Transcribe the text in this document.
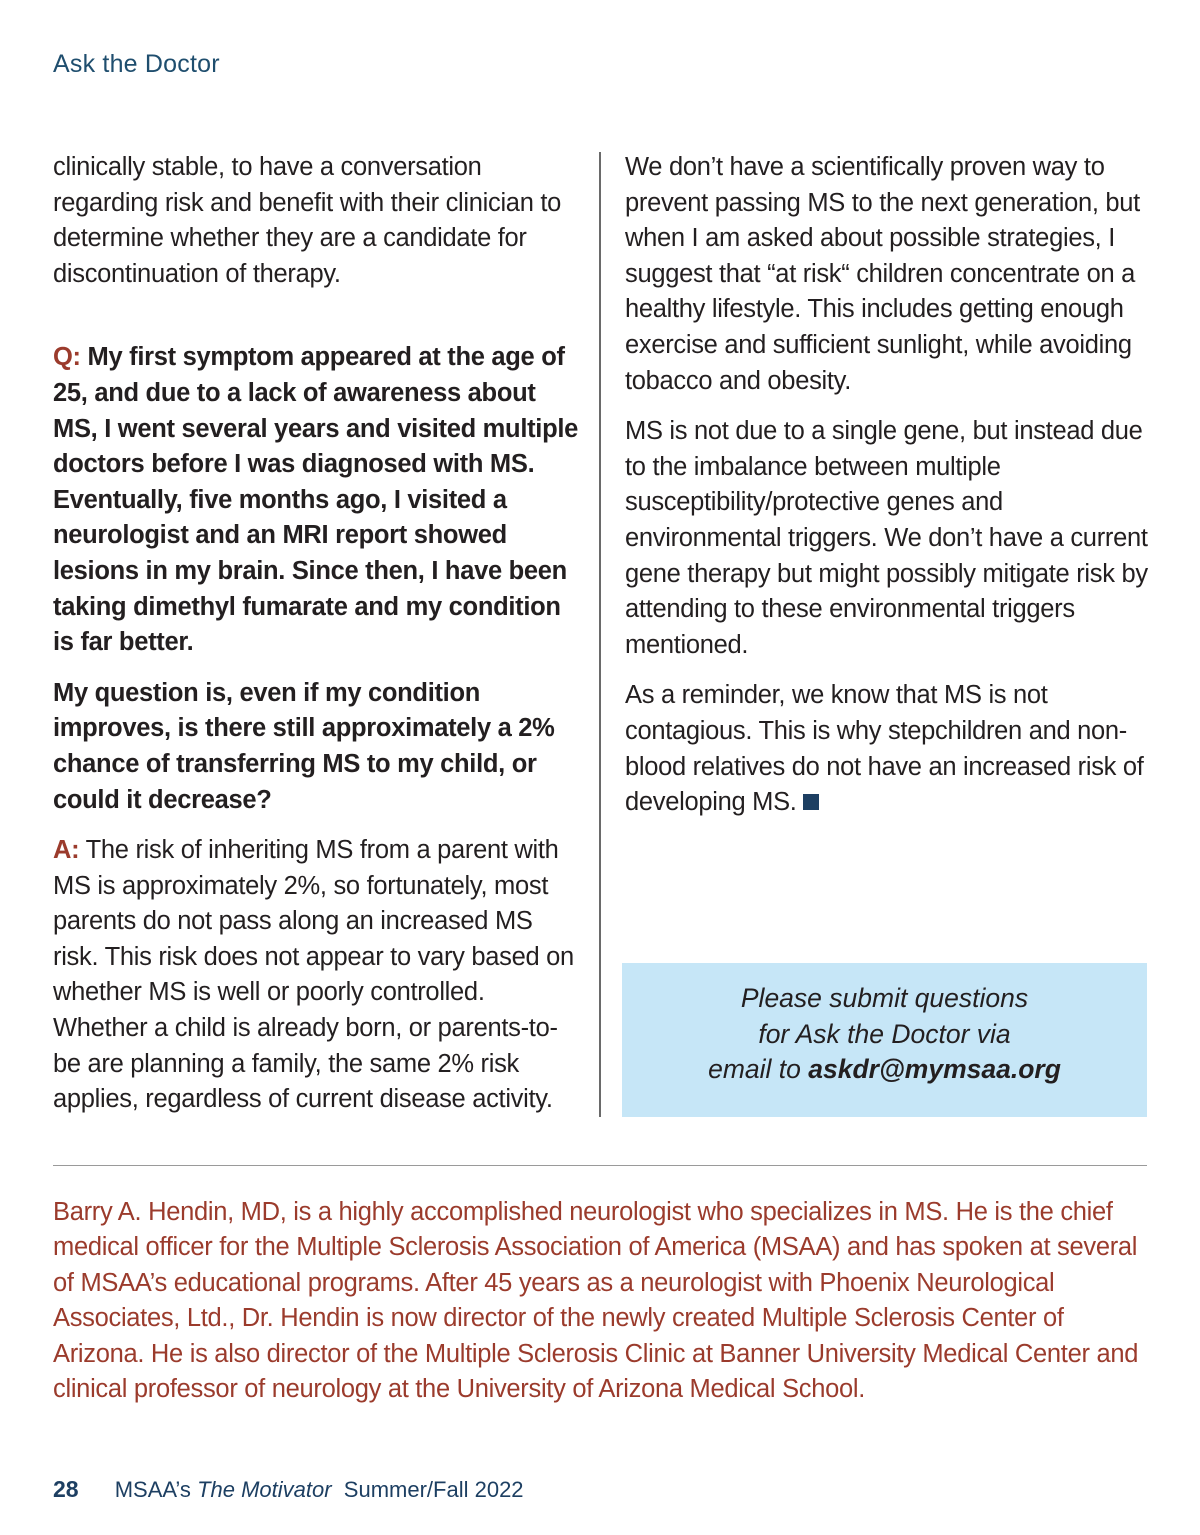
Ask the Doctor

clinically stable, to have a conversation regarding risk and benefit with their clinician to determine whether they are a candidate for discontinuation of therapy.

Q: My first symptom appeared at the age of 25, and due to a lack of awareness about MS, I went several years and visited multiple doctors before I was diagnosed with MS. Eventually, five months ago, I visited a neurologist and an MRI report showed lesions in my brain. Since then, I have been taking dimethyl fumarate and my condition is far better.

My question is, even if my condition improves, is there still approximately a 2% chance of transferring MS to my child, or could it decrease?

A: The risk of inheriting MS from a parent with MS is approximately 2%, so fortunately, most parents do not pass along an increased MS risk. This risk does not appear to vary based on whether MS is well or poorly controlled. Whether a child is already born, or parents-to-be are planning a family, the same 2% risk applies, regardless of current disease activity.

We don’t have a scientifically proven way to prevent passing MS to the next generation, but when I am asked about possible strategies, I suggest that “at risk“ children concentrate on a healthy lifestyle. This includes getting enough exercise and sufficient sunlight, while avoiding tobacco and obesity.

MS is not due to a single gene, but instead due to the imbalance between multiple susceptibility/protective genes and environmental triggers. We don’t have a current gene therapy but might possibly mitigate risk by attending to these environmental triggers mentioned.

As a reminder, we know that MS is not contagious. This is why stepchildren and non-blood relatives do not have an increased risk of developing MS.

Please submit questions
for Ask the Doctor via
email to askdr@mymsaa.org
Barry A. Hendin, MD, is a highly accomplished neurologist who specializes in MS. He is the chief medical officer for the Multiple Sclerosis Association of America (MSAA) and has spoken at several of MSAA’s educational programs. After 45 years as a neurologist with Phoenix Neurological Associates, Ltd., Dr. Hendin is now director of the newly created Multiple Sclerosis Center of Arizona. He is also director of the Multiple Sclerosis Clinic at Banner University Medical Center and clinical professor of neurology at the University of Arizona Medical School.
28 MSAA’s The Motivator Summer/Fall 2022
